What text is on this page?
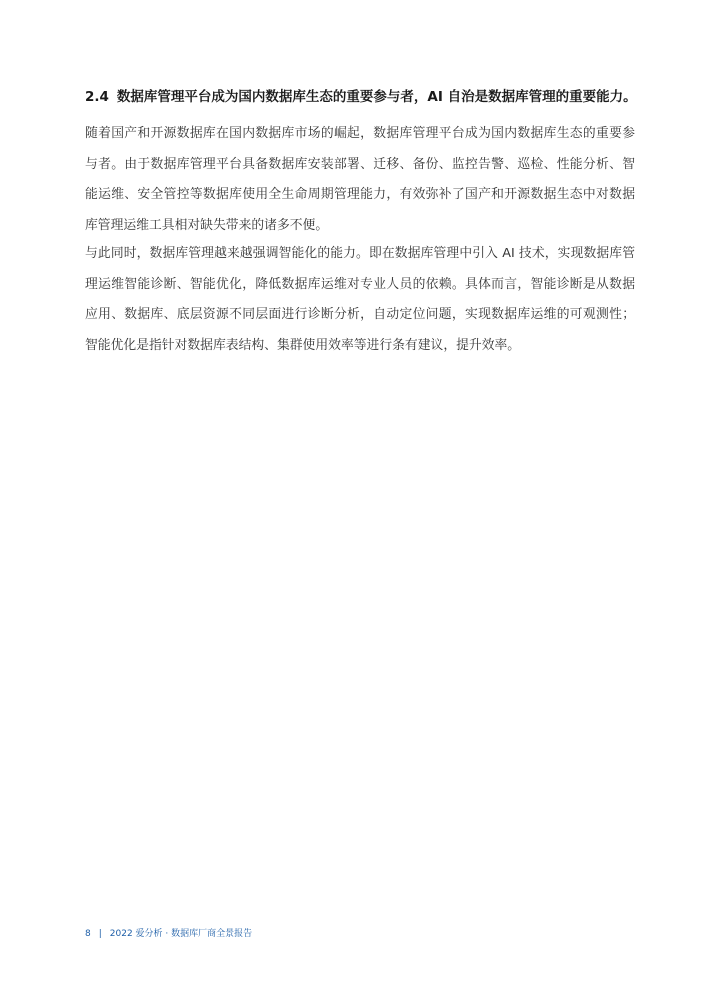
2.4 数据库管理平台成为国内数据库生态的重要参与者，AI 自治是数据库管理的重要能力。

随着国产和开源数据库在国内数据库市场的崛起，数据库管理平台成为国内数据库生态的重要参与者。由于数据库管理平台具备数据库安装部署、迁移、备份、监控告警、巡检、性能分析、智能运维、安全管控等数据库使用全生命周期管理能力，有效弥补了国产和开源数据生态中对数据库管理运维工具相对缺失带来的诸多不便。

与此同时，数据库管理越来越强调智能化的能力。即在数据库管理中引入 AI 技术，实现数据库管理运维智能诊断、智能优化，降低数据库运维对专业人员的依赖。具体而言，智能诊断是从数据应用、数据库、底层资源不同层面进行诊断分析，自动定位问题，实现数据库运维的可观测性；智能优化是指针对数据库表结构、集群使用效率等进行条有建议，提升效率。

8 | 2022 爱分析 · 数据库厂商全景报告
